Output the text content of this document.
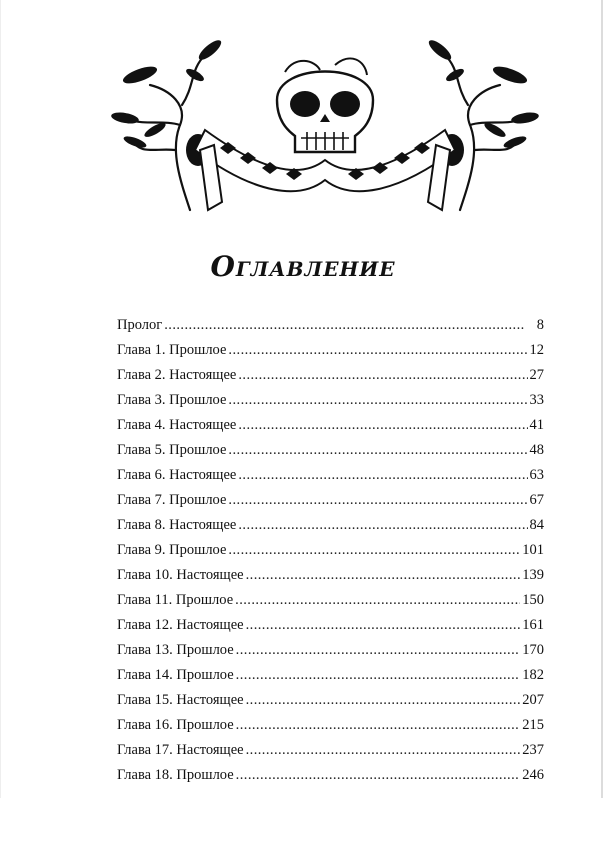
Оглавление
Пролог . . .	8
Глава 1. Прошлое . . .	12
Глава 2. Настоящее . . .	27
Глава 3. Прошлое . . .	33
Глава 4. Настоящее . . .	41
Глава 5. Прошлое . . .	48
Глава 6. Настоящее . . .	63
Глава 7. Прошлое . . .	67
Глава 8. Настоящее . . .	84
Глава 9. Прошлое . . .	101
Глава 10. Настоящее . . .	139
Глава 11. Прошлое . . .	150
Глава 12. Настоящее . . .	161
Глава 13. Прошлое . . .	170
Глава 14. Прошлое . . .	182
Глава 15. Настоящее . . .	207
Глава 16. Прошлое . . .	215
Глава 17. Настоящее . . .	237
Глава 18. Прошлое . . .	246
